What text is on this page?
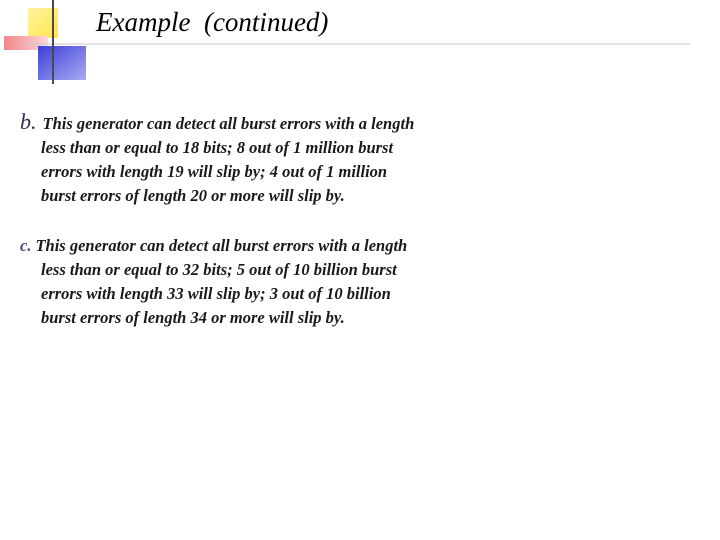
Example  (continued)
b. This generator can detect all burst errors with a length
less than or equal to 18 bits; 8 out of 1 million burst
errors with length 19 will slip by; 4 out of 1 million
burst errors of length 20 or more will slip by.
c. This generator can detect all burst errors with a length
less than or equal to 32 bits; 5 out of 10 billion burst
errors with length 33 will slip by; 3 out of 10 billion
burst errors of length 34 or more will slip by.
